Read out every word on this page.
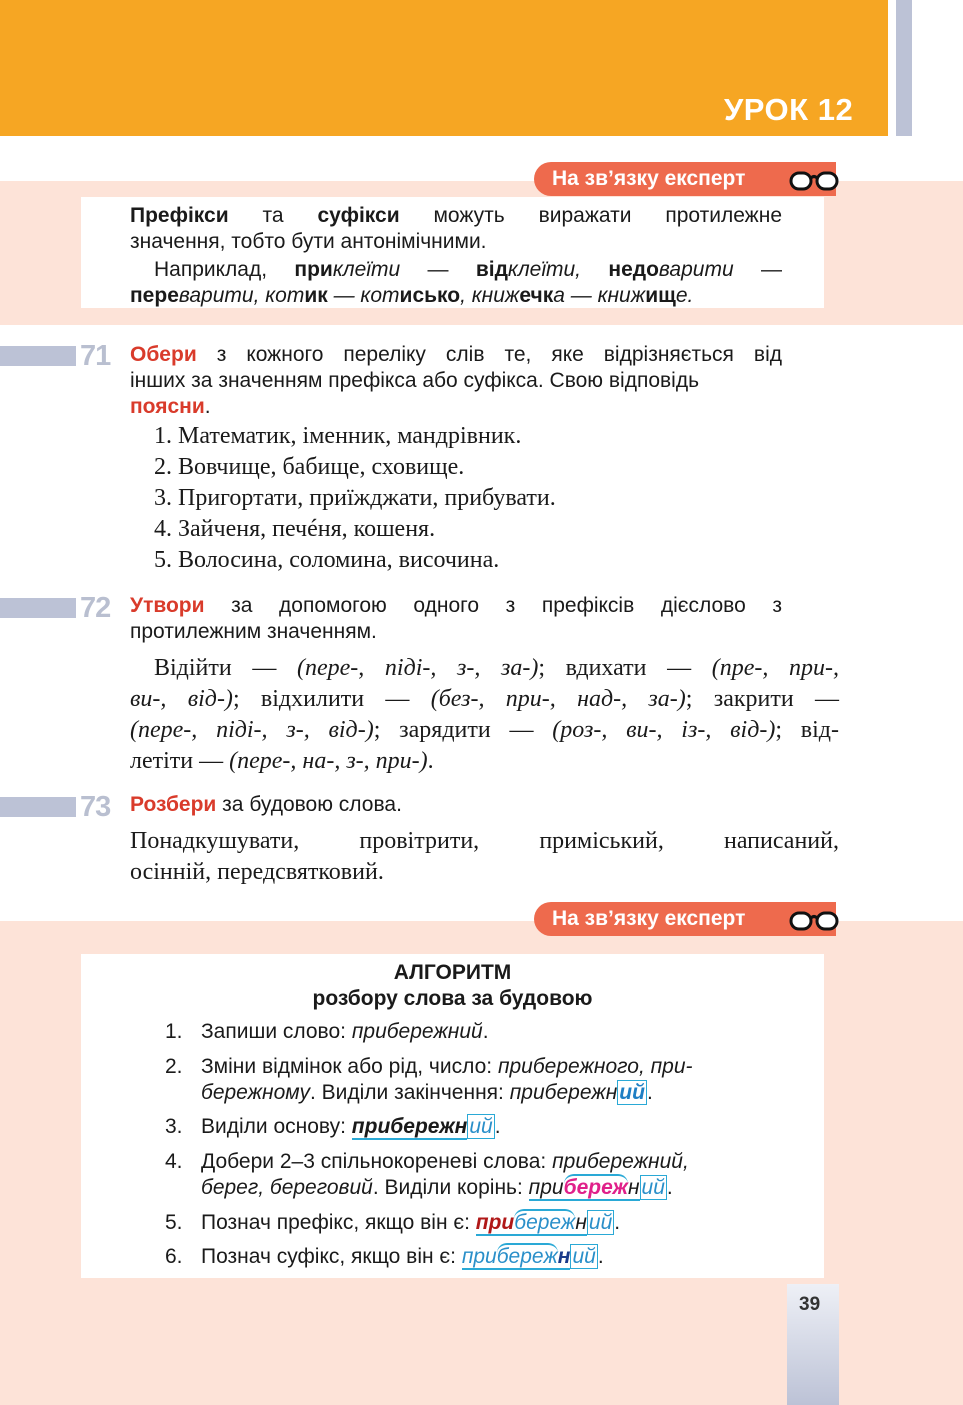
УРОК 12
На зв’язку експерт
Префікси та суфікси можуть виражати протилежне
значення, тобто бути антонімічними.
Наприклад, приклеїти — відклеїти, недоварити —
переварити, котик — котисько, книжечка — книжище.
71 Обери з кожного переліку слів те, яке відрізняється від
інших за значенням префікса або суфікса. Свою відповідь
поясни.
1. Математик, іменник, мандрівник.
2. Вовчище, бабище, сховище.
3. Пригортати, приїжджати, прибувати.
4. Зайченя, печéня, кошеня.
5. Волосина, соломина, височина.
72 Утвори за допомогою одного з префіксів дієслово з
протилежним значенням.
Відійти — (пере-, піді-, з-, за-); вдихати — (пре-, при-,
ви-, від-); відхилити — (без-, при-, над-, за-); закрити —
(пере-, піді-, з-, від-); зарядити — (роз-, ви-, із-, від-); від-
летіти — (пере-, на-, з-, при-).
73 Розбери за будовою слова.
Понадкушувати, провітрити, приміський, написаний,
осінній, передсвятковий.
На зв’язку експерт
АЛГОРИТМ
розбору слова за будовою
1. Запиши слово: прибережний.
2. Зміни відмінок або рід, число: прибережного, при-
бережному. Виділи закінчення: прибережний.
3. Виділи основу: прибережний.
4. Добери 2–3 спільнокореневі слова: прибережний,
берег, береговий. Виділи корінь: прибережний.
5. Познач префікс, якщо він є: прибережний.
6. Познач суфікс, якщо він є: прибережний.
39
